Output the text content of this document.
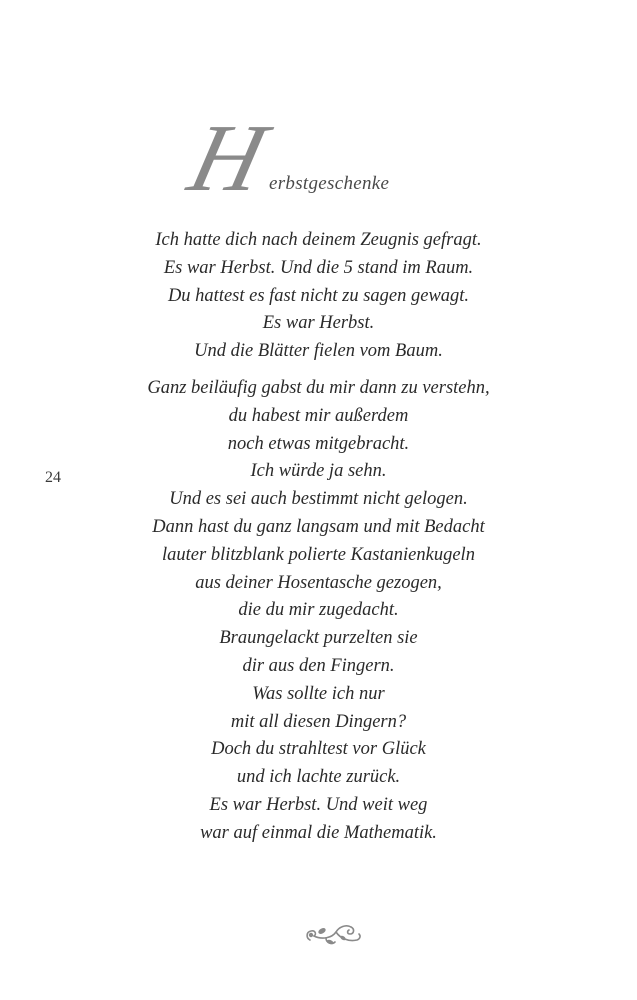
H
erbstgeschenke
Ich hatte dich nach deinem Zeugnis gefragt.
Es war Herbst. Und die 5 stand im Raum.
Du hattest es fast nicht zu sagen gewagt.
Es war Herbst.
Und die Blätter fielen vom Baum.
Ganz beiläufig gabst du mir dann zu verstehn,
du habest mir außerdem
noch etwas mitgebracht.
Ich würde ja sehn.
Und es sei auch bestimmt nicht gelogen.
Dann hast du ganz langsam und mit Bedacht
lauter blitzblank polierte Kastanienkugeln
aus deiner Hosentasche gezogen,
die du mir zugedacht.
Braungelackt purzelten sie
dir aus den Fingern.
Was sollte ich nur
mit all diesen Dingern?
Doch du strahltest vor Glück
und ich lachte zurück.
Es war Herbst. Und weit weg
war auf einmal die Mathematik.
24
